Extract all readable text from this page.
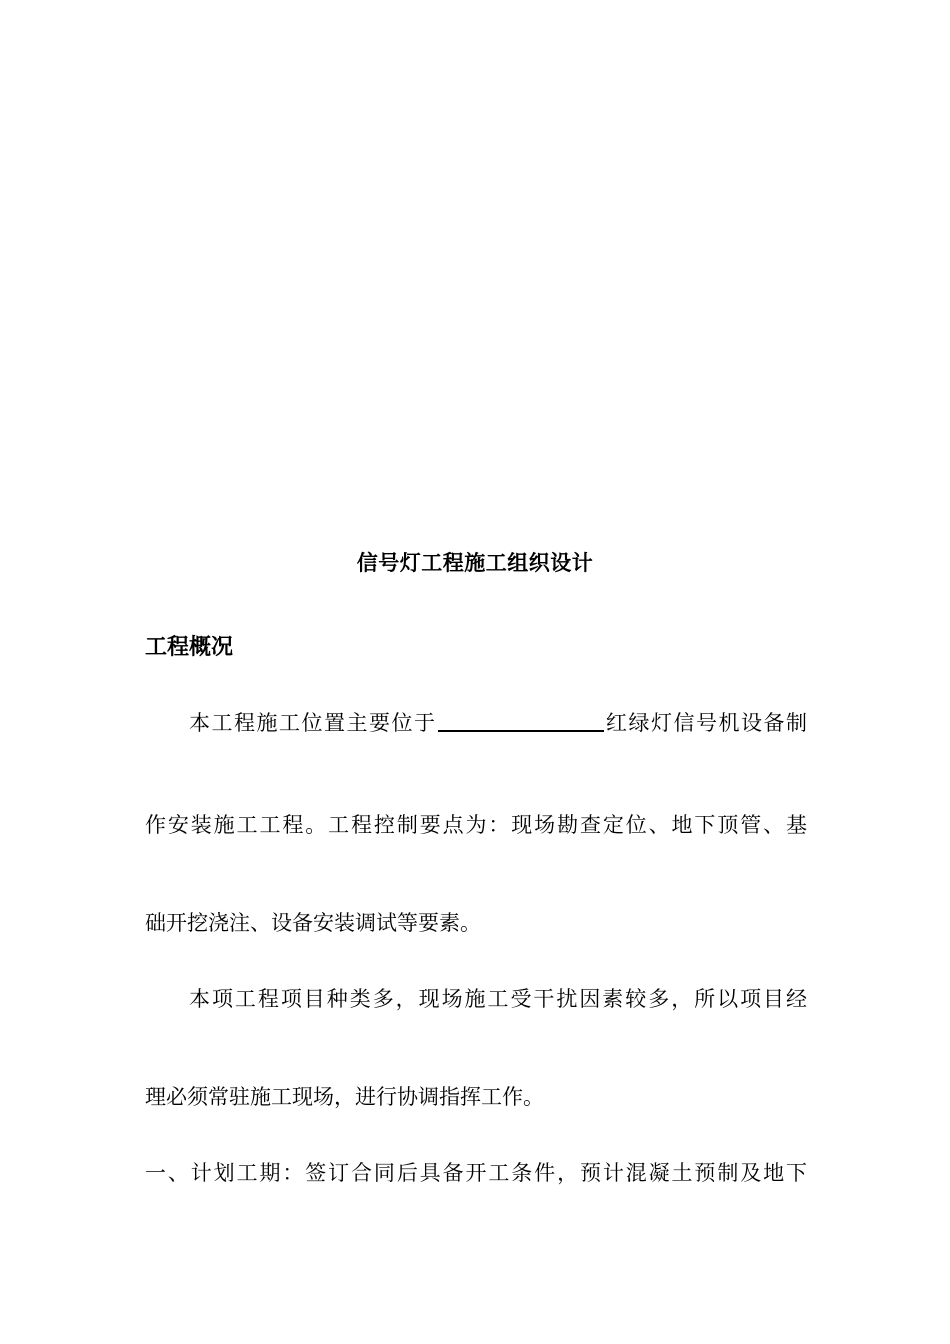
信号灯工程施工组织设计
工程概况
本工程施工位置主要位于	红绿灯信号机设备制
作安装施工工程。工程控制要点为：现场勘查定位、地下顶管、基
础开挖浇注、设备安装调试等要素。
本项工程项目种类多，现场施工受干扰因素较多，所以项目经
理必须常驻施工现场，进行协调指挥工作。
一、计划工期：签订合同后具备开工条件，预计混凝土预制及地下
